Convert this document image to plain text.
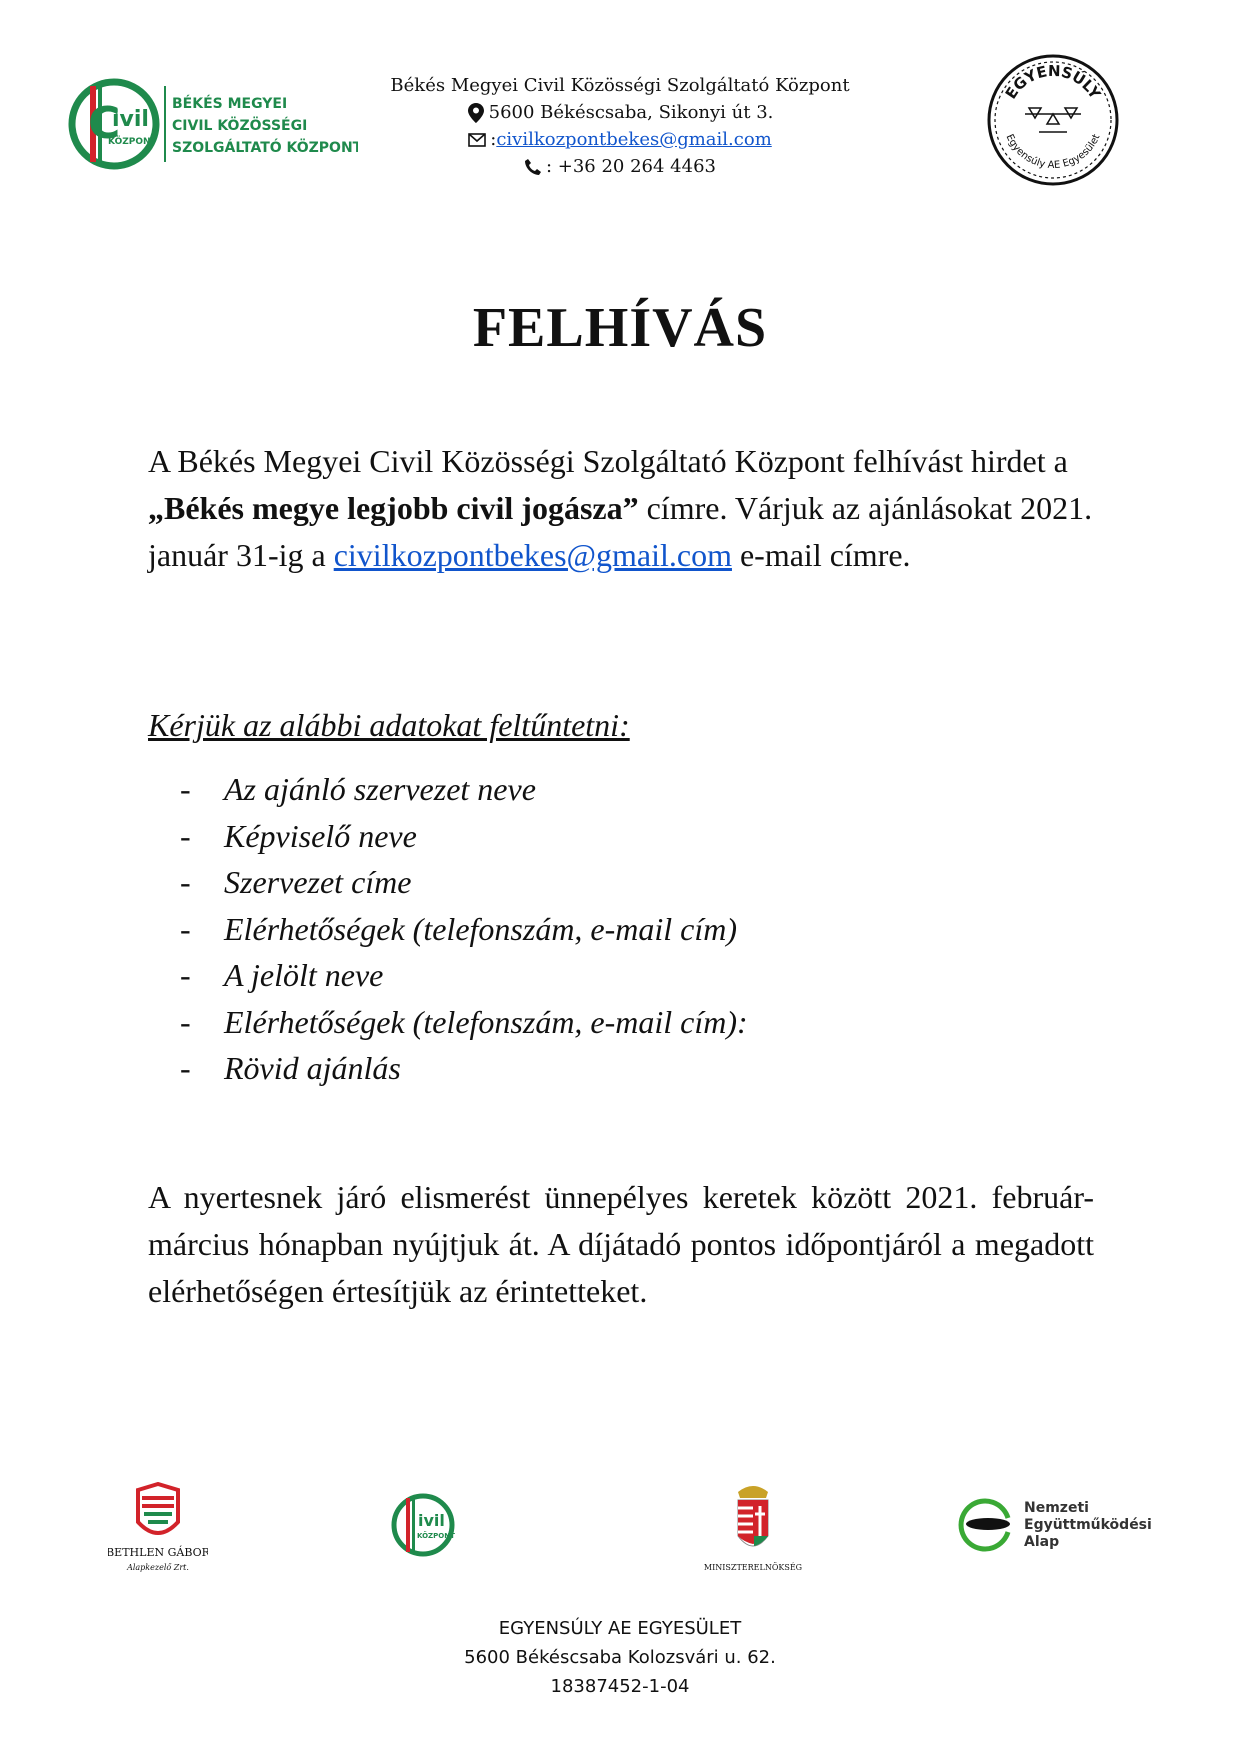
C
ivil
KÖZPONT
BÉKÉS MEGYEI
CIVIL KÖZÖSSÉGI
SZOLGÁLTATÓ KÖZPONT
Békés Megyei Civil Közösségi Szolgáltató Központ
5600 Békéscsaba, Sikonyi út 3.
:civilkozpontbekes@gmail.com
: +36 20 264 4463
EGYENSÚLY
Egyensúly AE Egyesület
FELHÍVÁS
A Békés Megyei Civil Közösségi Szolgáltató Központ felhívást hirdet a „Békés megye legjobb civil jogásza” címre. Várjuk az ajánlásokat 2021. január 31-ig a civilkozpontbekes@gmail.com e-mail címre.
Kérjük az alábbi adatokat feltűntetni:
-	Az ajánló szervezet neve
-	Képviselő neve
-	Szervezet címe
-	Elérhetőségek (telefonszám, e-mail cím)
-	A jelölt neve
-	Elérhetőségek (telefonszám, e-mail cím):
-	Rövid ajánlás
A nyertesnek járó elismerést ünnepélyes keretek között 2021. február-március hónapban nyújtjuk át. A díjátadó pontos időpontjáról a megadott elérhetőségen értesítjük az érintetteket.
BETHLEN GÁBOR
Alapkezelő Zrt.
ivil
KÖZPONT
MINISZTERELNÖKSÉG
Nemzeti
Együttműködési
Alap
EGYENSÚLY AE EGYESÜLET
5600 Békéscsaba Kolozsvári u. 62.
18387452-1-04
